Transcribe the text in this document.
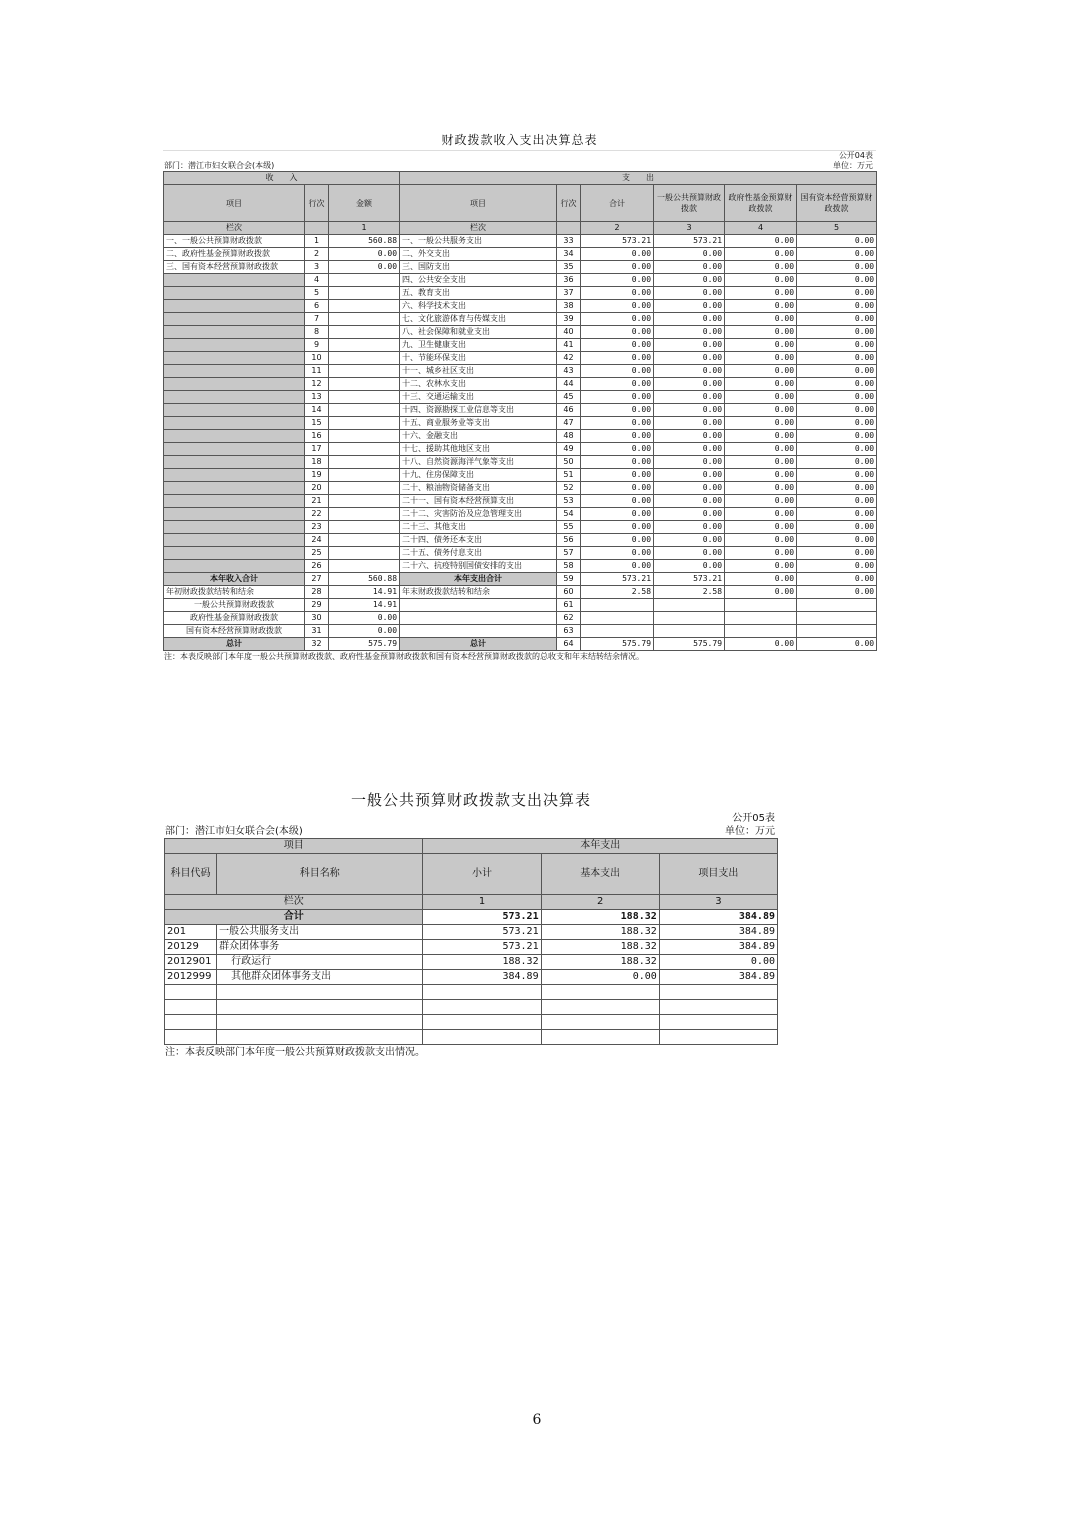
财政拨款收入支出决算总表
公开04表
部门：潜江市妇女联合会(本级)	单位：万元
收　　入			支　　出					
项目	行次	金额	项目	行次	合计	一般公共预算财政拨款	政府性基金预算财政拨款	国有资本经营预算财政拨款
栏次		1	栏次		2	3	4	5
一、一般公共预算财政拨款	1	560.88	一、一般公共服务支出	33	573.21	573.21	0.00	0.00
二、政府性基金预算财政拨款	2	0.00	二、外交支出	34	0.00	0.00	0.00	0.00
三、国有资本经营预算财政拨款	3	0.00	三、国防支出	35	0.00	0.00	0.00	0.00
	4		四、公共安全支出	36	0.00	0.00	0.00	0.00
	5		五、教育支出	37	0.00	0.00	0.00	0.00
	6		六、科学技术支出	38	0.00	0.00	0.00	0.00
	7		七、文化旅游体育与传媒支出	39	0.00	0.00	0.00	0.00
	8		八、社会保障和就业支出	40	0.00	0.00	0.00	0.00
	9		九、卫生健康支出	41	0.00	0.00	0.00	0.00
	10		十、节能环保支出	42	0.00	0.00	0.00	0.00
	11		十一、城乡社区支出	43	0.00	0.00	0.00	0.00
	12		十二、农林水支出	44	0.00	0.00	0.00	0.00
	13		十三、交通运输支出	45	0.00	0.00	0.00	0.00
	14		十四、资源勘探工业信息等支出	46	0.00	0.00	0.00	0.00
	15		十五、商业服务业等支出	47	0.00	0.00	0.00	0.00
	16		十六、金融支出	48	0.00	0.00	0.00	0.00
	17		十七、援助其他地区支出	49	0.00	0.00	0.00	0.00
	18		十八、自然资源海洋气象等支出	50	0.00	0.00	0.00	0.00
	19		十九、住房保障支出	51	0.00	0.00	0.00	0.00
	20		二十、粮油物资储备支出	52	0.00	0.00	0.00	0.00
	21		二十一、国有资本经营预算支出	53	0.00	0.00	0.00	0.00
	22		二十二、灾害防治及应急管理支出	54	0.00	0.00	0.00	0.00
	23		二十三、其他支出	55	0.00	0.00	0.00	0.00
	24		二十四、债务还本支出	56	0.00	0.00	0.00	0.00
	25		二十五、债务付息支出	57	0.00	0.00	0.00	0.00
	26		二十六、抗疫特别国债安排的支出	58	0.00	0.00	0.00	0.00
本年收入合计	27	560.88	本年支出合计	59	573.21	573.21	0.00	0.00
年初财政拨款结转和结余	28	14.91	年末财政拨款结转和结余	60	2.58	2.58	0.00	0.00
一般公共预算财政拨款	29	14.91		61				
政府性基金预算财政拨款	30	0.00		62				
国有资本经营预算财政拨款	31	0.00		63				
总计	32	575.79	总计	64	575.79	575.79	0.00	0.00
注：本表反映部门本年度一般公共预算财政拨款、政府性基金预算财政拨款和国有资本经营预算财政拨款的总收支和年末结转结余情况。
一般公共预算财政拨款支出决算表
公开05表
部门：潜江市妇女联合会(本级)	单位：万元
项目		本年支出		
科目代码	科目名称	小计	基本支出	项目支出
栏次		1	2	3
合计		573.21	188.32	384.89
201	一般公共服务支出	573.21	188.32	384.89
20129	群众团体事务	573.21	188.32	384.89
2012901	行政运行	188.32	188.32	0.00
2012999	其他群众团体事务支出	384.89	0.00	384.89

注：本表反映部门本年度一般公共预算财政拨款支出情况。
6
